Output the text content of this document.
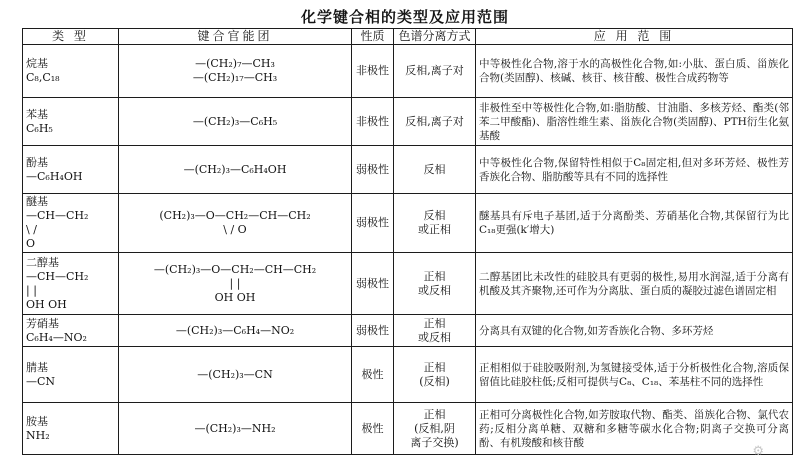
化学键合相的类型及应用范围
类 型	键合官能团	性质	色谱分离方式	应 用 范 围

烷基
C₈,C₁₈	—(CH₂)₇—CH₃
—(CH₂)₁₇—CH₃	非极性	反相,离子对	中等极性化合物,溶于水的高极性化合物,如:小肽、蛋白质、甾族化合物(类固醇)、核碱、核苷、核苷酸、极性合成药物等

苯基
C₆H₅	—(CH₂)₃—C₆H₅	非极性	反相,离子对	非极性至中等极性化合物,如:脂肪酸、甘油脂、多核芳烃、酯类(邻苯二甲酸酯)、脂溶性维生素、甾族化合物(类固醇)、PTH衍生化氨基酸

酚基
—C₆H₄OH	—(CH₂)₃—C₆H₄OH	弱极性	反相	中等极性化合物,保留特性相似于C₈固定相,但对多环芳烃、极性芳香族化合物、脂肪酸等具有不同的选择性

醚基
—CH—CH₂
\ /
O	(CH₂)₃—O—CH₂—CH—CH₂
\ / O	弱极性	反相
或正相	醚基具有斥电子基团,适于分离酚类、芳硝基化合物,其保留行为比C₁₈更强(k′增大)

二醇基
—CH—CH₂
| |
OH OH	—(CH₂)₃—O—CH₂—CH—CH₂
| |
OH OH	弱极性	正相
或反相	二醇基团比未改性的硅胶具有更弱的极性,易用水润湿,适于分离有机酸及其齐聚物,还可作为分离肽、蛋白质的凝胶过滤色谱固定相

芳硝基
C₆H₄—NO₂	—(CH₂)₃—C₆H₄—NO₂	弱极性	正相
或反相	分离具有双键的化合物,如芳香族化合物、多环芳烃

腈基
—CN	—(CH₂)₃—CN	极性	正相
(反相)	正相相似于硅胶吸附剂,为氢键接受体,适于分析极性化合物,溶质保留值比硅胶柱低;反相可提供与C₈、C₁₈、苯基柱不同的选择性

胺基
NH₂	—(CH₂)₃—NH₂	极性	正相
(反相,阴
离子交换)	正相可分离极性化合物,如芳胺取代物、酯类、甾族化合物、氯代农药;反相分离单糖、双糖和多糖等碳水化合物;阴离子交换可分离酚、有机羧酸和核苷酸
⚙
